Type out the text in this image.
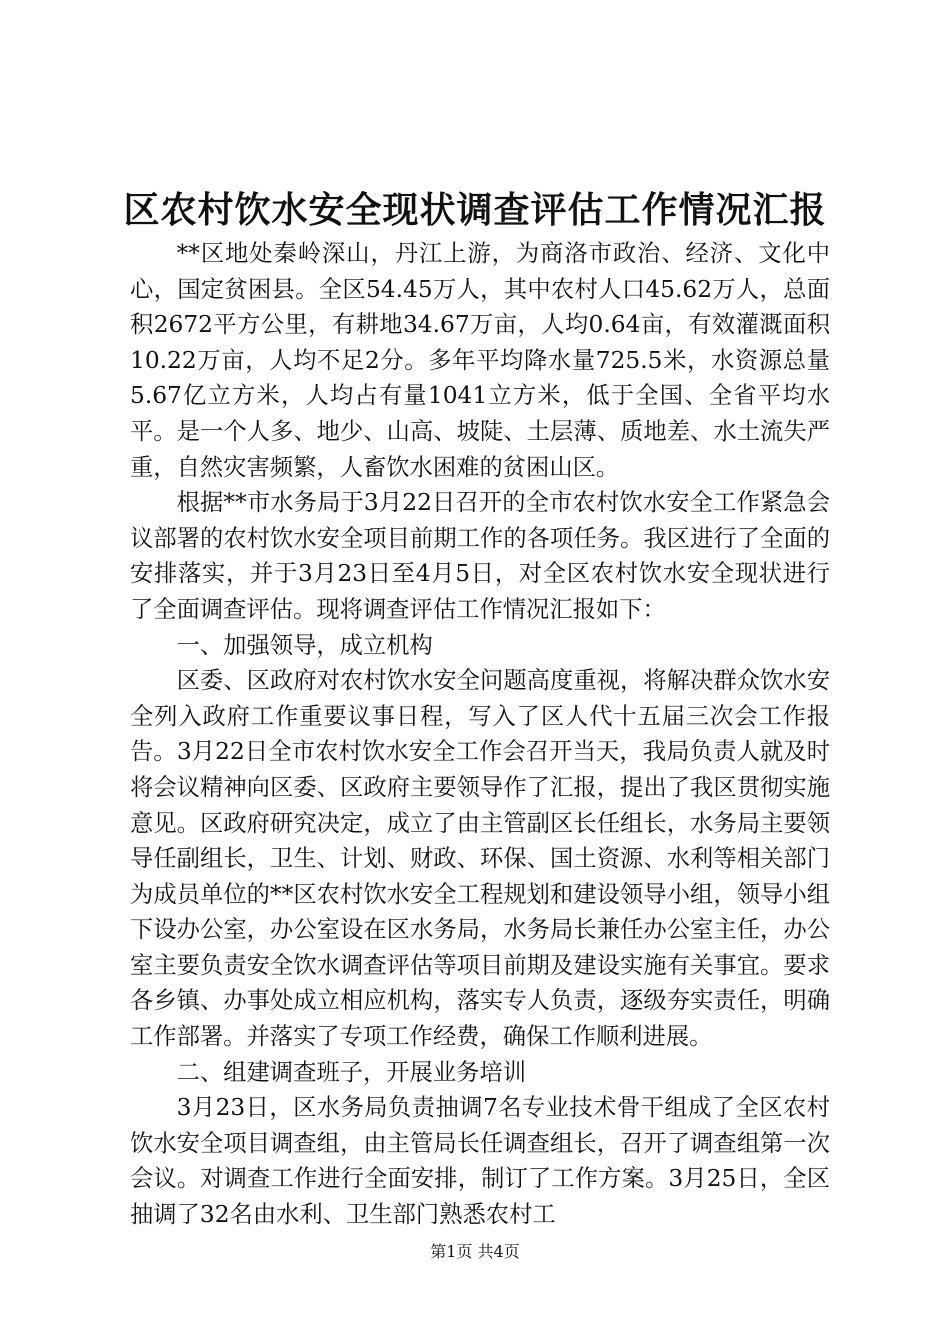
区农村饮水安全现状调查评估工作情况汇报

**区地处秦岭深山，丹江上游，为商洛市政治、经济、文化中心，国定贫困县。全区54.45万人，其中农村人口45.62万人，总面积2672平方公里，有耕地34.67万亩，人均0.64亩，有效灌溉面积10.22万亩，人均不足2分。多年平均降水量725.5米，水资源总量5.67亿立方米，人均占有量1041立方米，低于全国、全省平均水平。是一个人多、地少、山高、坡陡、土层薄、质地差、水土流失严重，自然灾害频繁，人畜饮水困难的贫困山区。

根据**市水务局于3月22日召开的全市农村饮水安全工作紧急会议部署的农村饮水安全项目前期工作的各项任务。我区进行了全面的安排落实，并于3月23日至4月5日，对全区农村饮水安全现状进行了全面调查评估。现将调查评估工作情况汇报如下：

一、加强领导，成立机构

区委、区政府对农村饮水安全问题高度重视，将解决群众饮水安全列入政府工作重要议事日程，写入了区人代十五届三次会工作报告。3月22日全市农村饮水安全工作会召开当天，我局负责人就及时将会议精神向区委、区政府主要领导作了汇报，提出了我区贯彻实施意见。区政府研究决定，成立了由主管副区长任组长，水务局主要领导任副组长，卫生、计划、财政、环保、国土资源、水利等相关部门为成员单位的**区农村饮水安全工程规划和建设领导小组，领导小组下设办公室，办公室设在区水务局，水务局长兼任办公室主任，办公室主要负责安全饮水调查评估等项目前期及建设实施有关事宜。要求各乡镇、办事处成立相应机构，落实专人负责，逐级夯实责任，明确工作部署。并落实了专项工作经费，确保工作顺利进展。

二、组建调查班子，开展业务培训

3月23日，区水务局负责抽调7名专业技术骨干组成了全区农村饮水安全项目调查组，由主管局长任调查组长，召开了调查组第一次会议。对调查工作进行全面安排，制订了工作方案。3月25日，全区抽调了32名由水利、卫生部门熟悉农村工

第1页 共4页
